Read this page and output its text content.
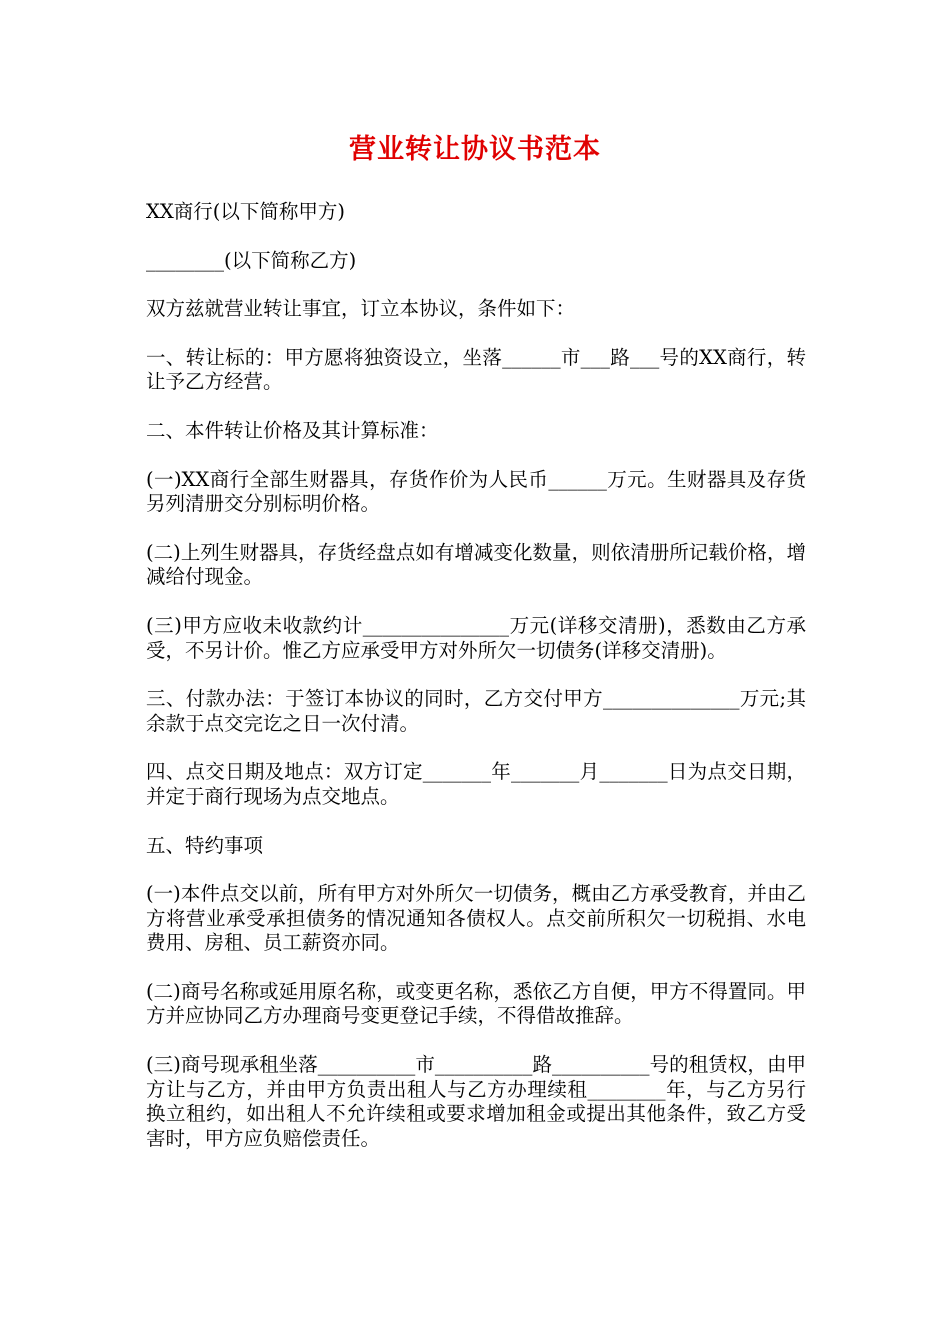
营业转让协议书范本

XX商行(以下简称甲方)

________(以下简称乙方)

双方兹就营业转让事宜，订立本协议，条件如下：

一、转让标的：甲方愿将独资设立，坐落______市___路___号的XX商行，转让予乙方经营。

二、本件转让价格及其计算标准：

(一)XX商行全部生财器具，存货作价为人民币______万元。生财器具及存货另列清册交分别标明价格。

(二)上列生财器具，存货经盘点如有增减变化数量，则依清册所记载价格，增减给付现金。

(三)甲方应收未收款约计_______________万元(详移交清册)，悉数由乙方承受，不另计价。惟乙方应承受甲方对外所欠一切债务(详移交清册)。

三、付款办法：于签订本协议的同时，乙方交付甲方______________万元;其余款于点交完讫之日一次付清。

四、点交日期及地点：双方订定_______年_______月_______日为点交日期，并定于商行现场为点交地点。

五、特约事项

(一)本件点交以前，所有甲方对外所欠一切债务，概由乙方承受教育，并由乙方将营业承受承担债务的情况通知各债权人。点交前所积欠一切税捐、水电费用、房租、员工薪资亦同。

(二)商号名称或延用原名称，或变更名称，悉依乙方自便，甲方不得置同。甲方并应协同乙方办理商号变更登记手续，不得借故推辞。

(三)商号现承租坐落__________市__________路__________号的租赁权，由甲方让与乙方，并由甲方负责出租人与乙方办理续租________年，与乙方另行换立租约，如出租人不允许续租或要求增加租金或提出其他条件，致乙方受害时，甲方应负赔偿责任。
